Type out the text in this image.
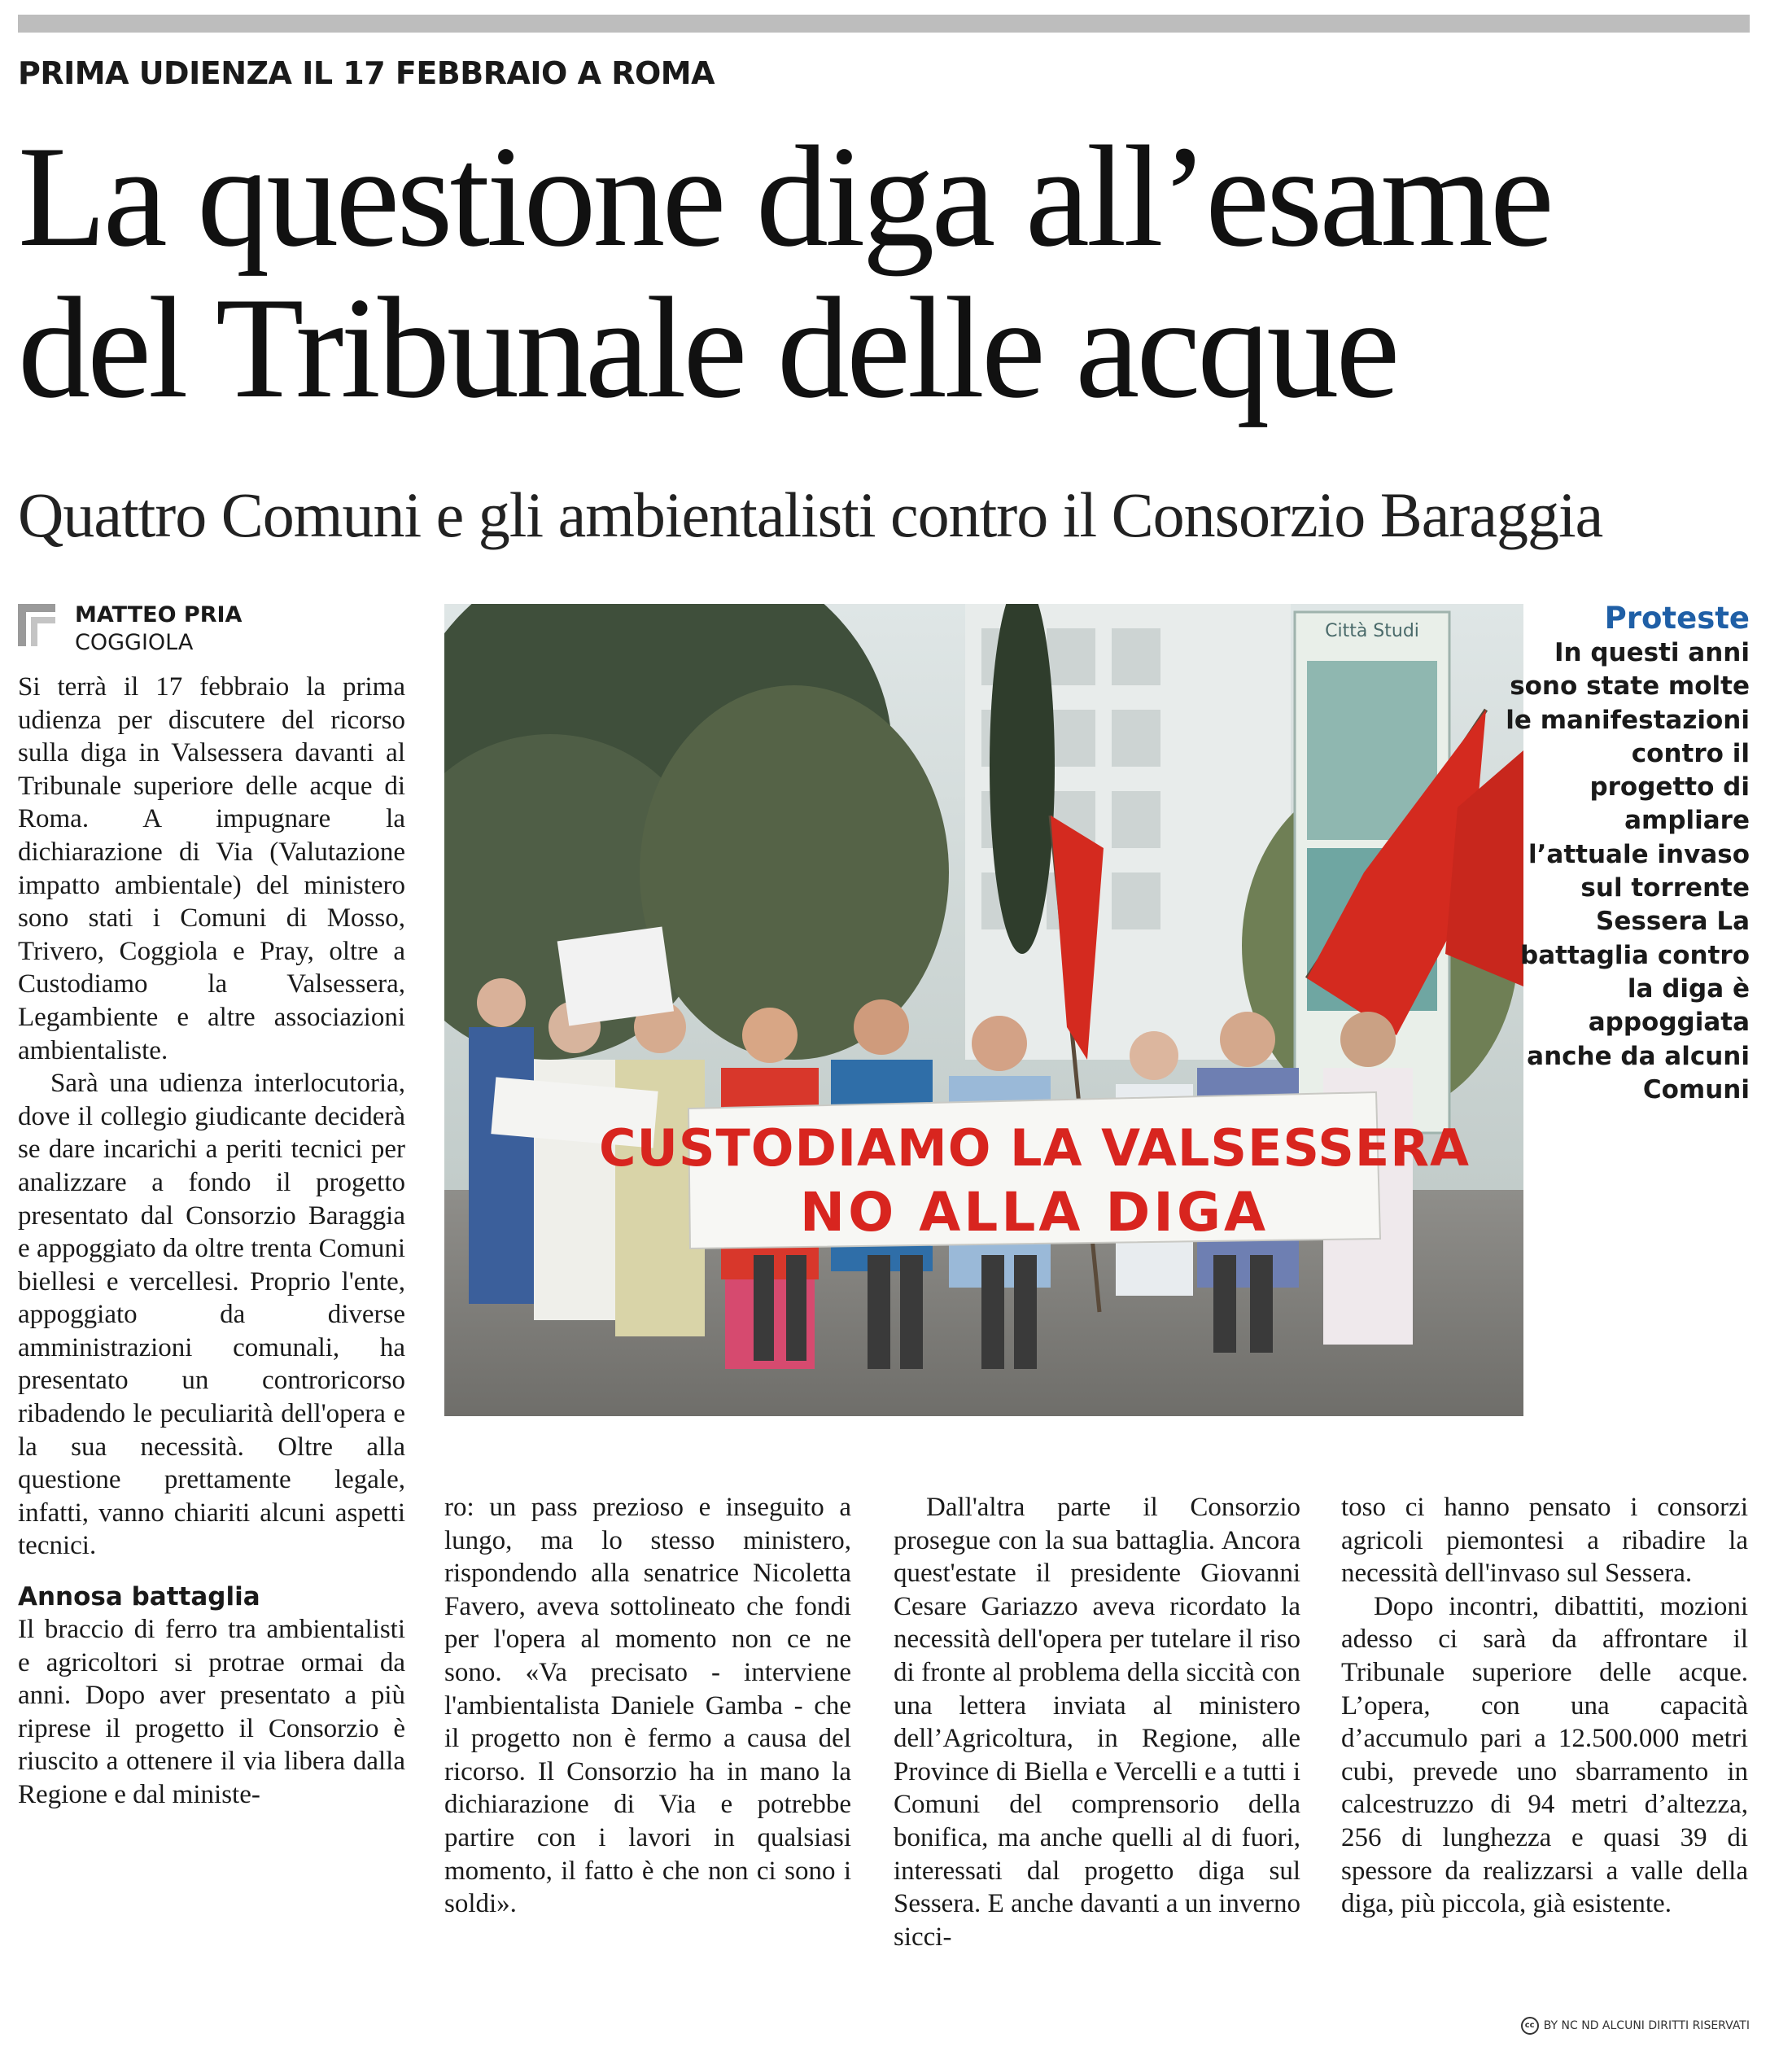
PRIMA UDIENZA IL 17 FEBBRAIO A ROMA
La questione diga all’esame
del Tribunale delle acque
Quattro Comuni e gli ambientalisti contro il Consorzio Baraggia
MATTEO PRIA
COGGIOLA

Si terrà il 17 febbraio la prima udienza per discutere del ricorso sulla diga in Valsessera davanti al Tribunale superiore delle acque di Roma. A impugnare la dichiarazione di Via (Valutazione impatto ambientale) del ministero sono stati i Comuni di Mosso, Trivero, Coggiola e Pray, oltre a Custodiamo la Valsessera, Legambiente e altre associazioni ambientaliste.

Sarà una udienza interlocutoria, dove il collegio giudicante deciderà se dare incarichi a periti tecnici per analizzare a fondo il progetto presentato dal Consorzio Baraggia e appoggiato da oltre trenta Comuni biellesi e vercellesi. Proprio l'ente, appoggiato da diverse amministrazioni comunali, ha presentato un controricorso ribadendo le peculiarità dell'opera e la sua necessità. Oltre alla questione prettamente legale, infatti, vanno chiariti alcuni aspetti tecnici.

Annosa battaglia

Il braccio di ferro tra ambientalisti e agricoltori si protrae ormai da anni. Dopo aver presentato a più riprese il progetto il Consorzio è riuscito a ottenere il via libera dalla Regione e dal ministe-

Città Studi
CUSTODIAMO LA VALSESSERA
NO ALLA DIGA
Proteste
In questi anni sono state molte le manifestazioni contro il progetto di ampliare l’attuale invaso sul torrente Sessera La battaglia contro la diga è appoggiata anche da alcuni Comuni

ro: un pass prezioso e inseguito a lungo, ma lo stesso ministero, rispondendo alla senatrice Nicoletta Favero, aveva sottolineato che fondi per l'opera al momento non ce ne sono. «Va precisato - interviene l'ambientalista Daniele Gamba - che il progetto non è fermo a causa del ricorso. Il Consorzio ha in mano la dichiarazione di Via e potrebbe partire con i lavori in qualsiasi momento, il fatto è che non ci sono i soldi».

Dall'altra parte il Consorzio prosegue con la sua battaglia. Ancora quest'estate il presidente Giovanni Cesare Gariazzo aveva ricordato la necessità dell'opera per tutelare il riso di fronte al problema della siccità con una lettera inviata al ministero dell’Agricoltura, in Regione, alle Province di Biella e Vercelli e a tutti i Comuni del comprensorio della bonifica, ma anche quelli al di fuori, interessati dal progetto diga sul Sessera. E anche davanti a un inverno sicci-

toso ci hanno pensato i consorzi agricoli piemontesi a ribadire la necessità dell'invaso sul Sessera.

Dopo incontri, dibattiti, mozioni adesso ci sarà da affrontare il Tribunale superiore delle acque. L’opera, con una capacità d’accumulo pari a 12.500.000 metri cubi, prevede uno sbarramento in calcestruzzo di 94 metri d’altezza, 256 di lunghezza e quasi 39 di spessore da realizzarsi a valle della diga, più piccola, già esistente.

cc BY NC ND ALCUNI DIRITTI RISERVATI
